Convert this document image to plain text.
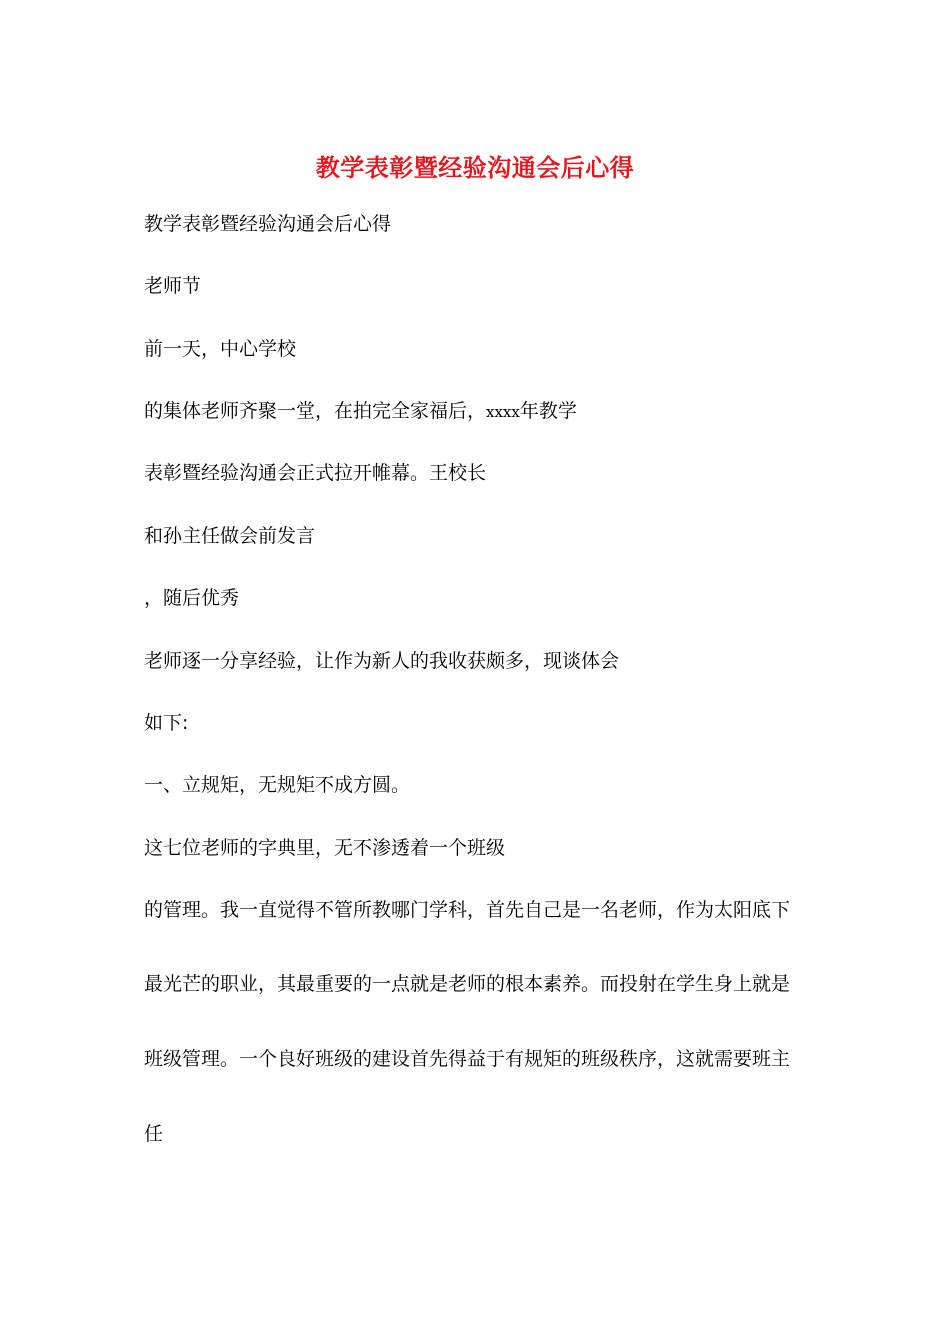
教学表彰暨经验沟通会后心得
教学表彰暨经验沟通会后心得
老师节
前一天，中心学校
的集体老师齐聚一堂，在拍完全家福后，xxxx年教学
表彰暨经验沟通会正式拉开帷幕。王校长
和孙主任做会前发言
，随后优秀
老师逐一分享经验，让作为新人的我收获颇多，现谈体会
如下:
一、立规矩，无规矩不成方圆。
这七位老师的字典里，无不渗透着一个班级
的管理。我一直觉得不管所教哪门学科，首先自己是一名老师，作为太阳底下
最光芒的职业，其最重要的一点就是老师的根本素养。而投射在学生身上就是
班级管理。一个良好班级的建设首先得益于有规矩的班级秩序，这就需要班主
任
